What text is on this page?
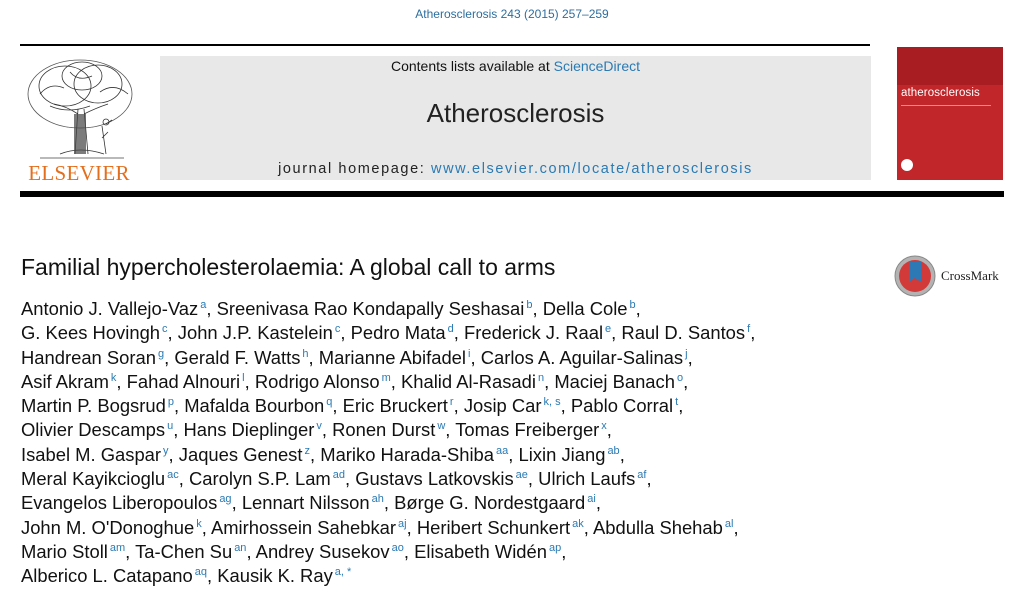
Atherosclerosis 243 (2015) 257–259
ELSEVIER
Contents lists available at ScienceDirect
Atherosclerosis
journal homepage: www.elsevier.com/locate/atherosclerosis
atherosclerosis
Familial hypercholesterolaemia: A global call to arms	CrossMark
Antonio J. Vallejo-Vaz $^a$, Sreenivasa Rao Kondapally Seshasai $^b$, Della Cole $^b$,
G. Kees Hovingh $^c$, John J.P. Kastelein $^c$, Pedro Mata $^d$, Frederick J. Raal $^e$, Raul D. Santos $^f$,
Handrean Soran $^g$, Gerald F. Watts $^h$, Marianne Abifadel $^i$, Carlos A. Aguilar-Salinas $^j$,
Asif Akram $^k$, Fahad Alnouri $^l$, Rodrigo Alonso $^m$, Khalid Al-Rasadi $^n$, Maciej Banach $^o$,
Martin P. Bogsrud $^p$, Mafalda Bourbon $^q$, Eric Bruckert $^r$, Josip Car $^{k, s}$, Pablo Corral $^t$,
Olivier Descamps $^u$, Hans Dieplinger $^v$, Ronen Durst $^w$, Tomas Freiberger $^x$,
Isabel M. Gaspar $^y$, Jaques Genest $^z$, Mariko Harada-Shiba $^{aa}$, Lixin Jiang $^{ab}$,
Meral Kayikcioglu $^{ac}$, Carolyn S.P. Lam $^{ad}$, Gustavs Latkovskis $^{ae}$, Ulrich Laufs $^{af}$,
Evangelos Liberopoulos $^{ag}$, Lennart Nilsson $^{ah}$, Børge G. Nordestgaard $^{ai}$,
John M. O'Donoghue $^k$, Amirhossein Sahebkar $^{aj}$, Heribert Schunkert $^{ak}$, Abdulla Shehab $^{al}$,
Mario Stoll $^{am}$, Ta-Chen Su $^{an}$, Andrey Susekov $^{ao}$, Elisabeth Widén $^{ap}$,
Alberico L. Catapano $^{aq}$, Kausik K. Ray $^{a, *}$
